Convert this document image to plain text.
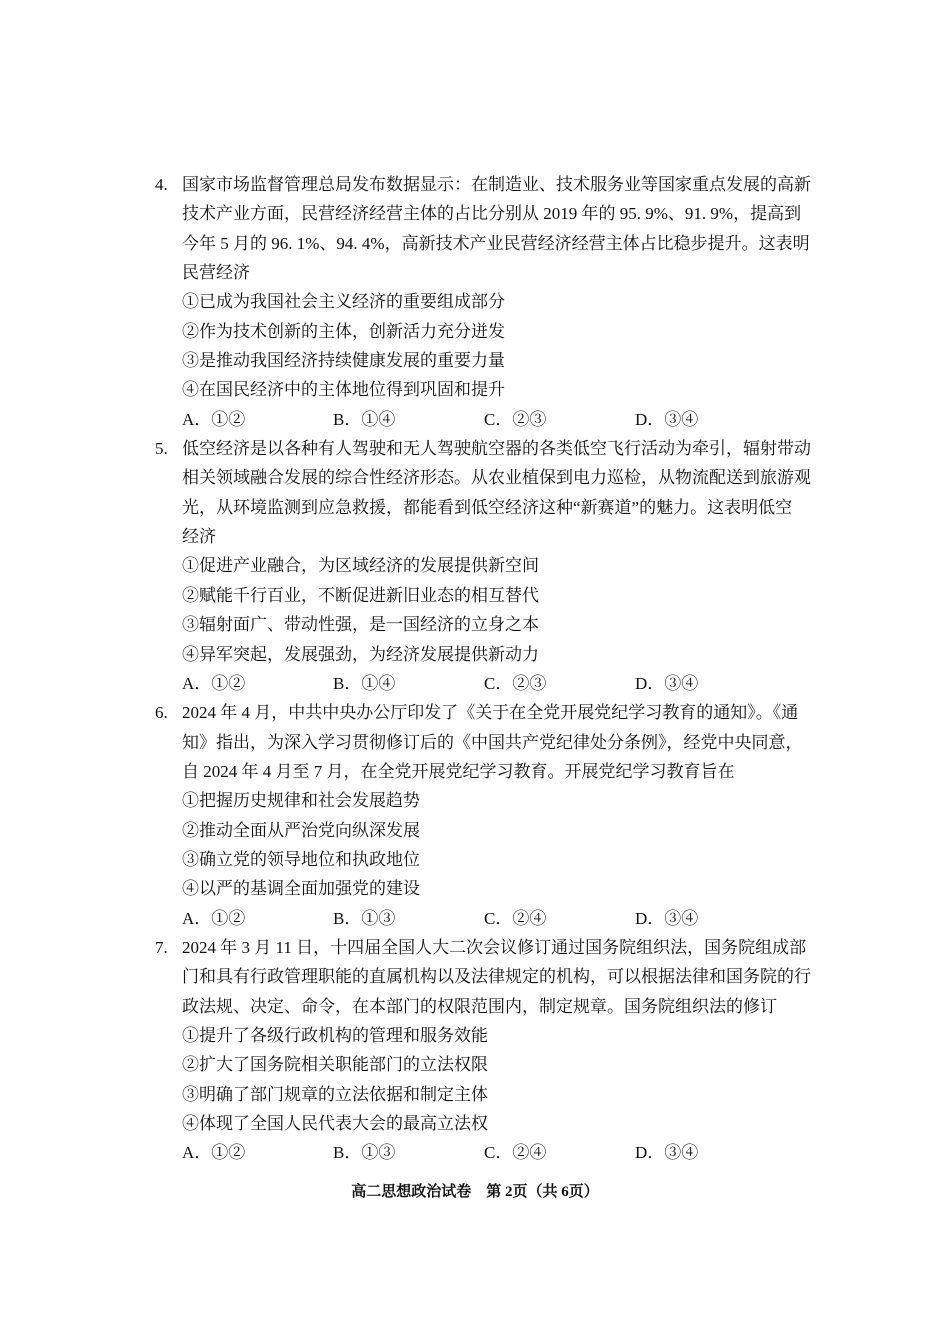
4. 国家市场监督管理总局发布数据显示：在制造业、技术服务业等国家重点发展的高新
技术产业方面，民营经济经营主体的占比分别从 2019 年的 95. 9%、91. 9%，提高到
今年 5 月的 96. 1%、94. 4%，高新技术产业民营经济经营主体占比稳步提升。这表明
民营经济
①已成为我国社会主义经济的重要组成部分
②作为技术创新的主体，创新活力充分迸发
③是推动我国经济持续健康发展的重要力量
④在国民经济中的主体地位得到巩固和提升
A．①②	B．①④	C．②③	D．③④
5. 低空经济是以各种有人驾驶和无人驾驶航空器的各类低空飞行活动为牵引，辐射带动
相关领域融合发展的综合性经济形态。从农业植保到电力巡检，从物流配送到旅游观
光，从环境监测到应急救援，都能看到低空经济这种“新赛道”的魅力。这表明低空
经济
①促进产业融合，为区域经济的发展提供新空间
②赋能千行百业，不断促进新旧业态的相互替代
③辐射面广、带动性强，是一国经济的立身之本
④异军突起，发展强劲，为经济发展提供新动力
A．①②	B．①④	C．②③	D．③④
6. 2024 年 4 月，中共中央办公厅印发了《关于在全党开展党纪学习教育的通知》。《通
知》指出，为深入学习贯彻修订后的《中国共产党纪律处分条例》，经党中央同意，
自 2024 年 4 月至 7 月，在全党开展党纪学习教育。开展党纪学习教育旨在
①把握历史规律和社会发展趋势
②推动全面从严治党向纵深发展
③确立党的领导地位和执政地位
④以严的基调全面加强党的建设
A．①②	B．①③	C．②④	D．③④
7. 2024 年 3 月 11 日，十四届全国人大二次会议修订通过国务院组织法，国务院组成部
门和具有行政管理职能的直属机构以及法律规定的机构，可以根据法律和国务院的行
政法规、决定、命令，在本部门的权限范围内，制定规章。国务院组织法的修订
①提升了各级行政机构的管理和服务效能
②扩大了国务院相关职能部门的立法权限
③明确了部门规章的立法依据和制定主体
④体现了全国人民代表大会的最高立法权
A．①②	B．①③	C．②④	D．③④
高二思想政治试卷　第 2页（共 6页）
